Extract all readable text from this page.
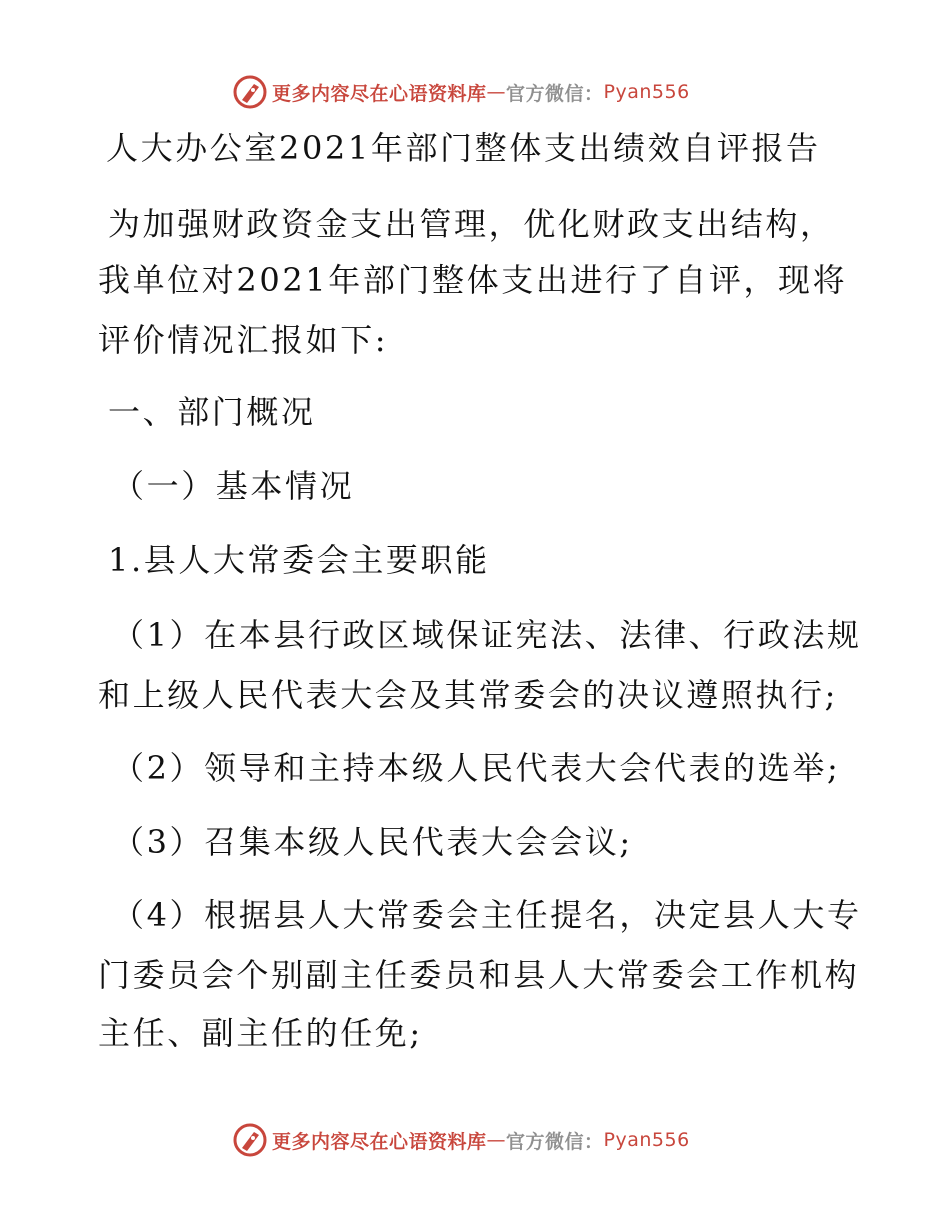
更多内容尽在心语资料库 — 官方微信： Pyan556
人大办公室2021年部门整体支出绩效自评报告
为加强财政资金支出管理，优化财政支出结构，
我单位对2021年部门整体支出进行了自评，现将
评价情况汇报如下:
一、部门概况
（一）基本情况
1.县人大常委会主要职能
（1）在本县行政区域保证宪法、法律、行政法规
和上级人民代表大会及其常委会的决议遵照执行;
（2）领导和主持本级人民代表大会代表的选举;
（3）召集本级人民代表大会会议;
（4）根据县人大常委会主任提名，决定县人大专
门委员会个别副主任委员和县人大常委会工作机构
主任、副主任的任免;
更多内容尽在心语资料库 — 官方微信： Pyan556
